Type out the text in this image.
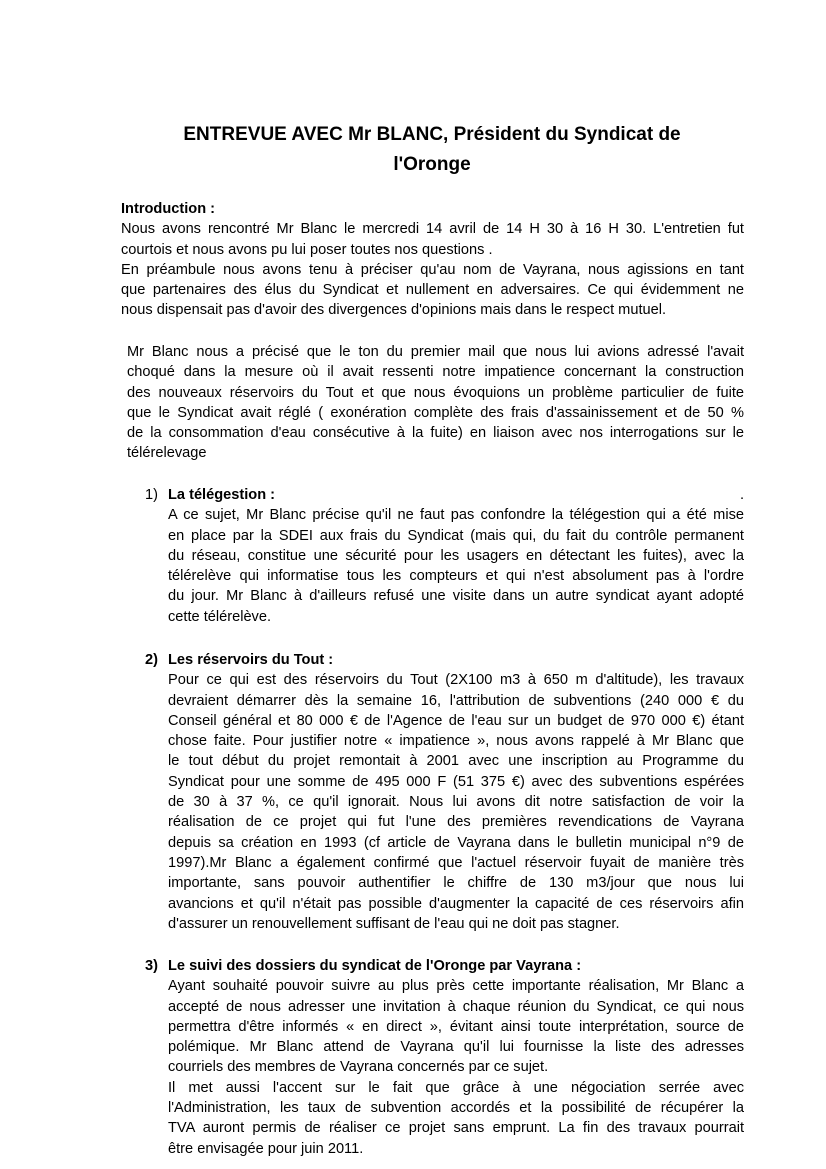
ENTREVUE AVEC Mr BLANC, Président du Syndicat de
l'Oronge
Introduction :
Nous avons rencontré Mr Blanc le mercredi 14 avril de 14 H 30 à 16 H 30. L'entretien fut
courtois et nous avons pu lui poser toutes nos questions .
En préambule nous avons tenu à préciser qu'au nom de Vayrana, nous agissions en tant
que partenaires des élus du Syndicat et nullement en adversaires. Ce qui évidemment ne
nous dispensait pas d'avoir des divergences d'opinions mais dans le respect mutuel.
Mr Blanc nous a précisé que le ton du premier mail que nous lui avions adressé l'avait
choqué dans la mesure où il avait ressenti notre impatience concernant la construction
des nouveaux réservoirs du Tout et que nous évoquions un problème particulier de fuite
que le Syndicat avait réglé ( exonération complète des frais d'assainissement et de 50 %
de la consommation d'eau consécutive à la fuite) en liaison avec nos interrogations sur le
télérelevage
1) La télégestion :	.
A ce sujet, Mr Blanc précise qu'il ne faut pas confondre la télégestion qui a été mise
en place par la SDEI aux frais du Syndicat (mais qui, du fait du contrôle permanent
du réseau, constitue une sécurité pour les usagers en détectant les fuites), avec la
télérelève qui informatise tous les compteurs et qui n'est absolument pas à l'ordre
du jour. Mr Blanc à d'ailleurs refusé une visite dans un autre syndicat ayant adopté
cette télérelève.
2) Les réservoirs du Tout :
Pour ce qui est des réservoirs du Tout (2X100 m3 à 650 m d'altitude), les travaux
devraient démarrer dès la semaine 16, l'attribution de subventions (240 000 € du
Conseil général et 80 000 € de l'Agence de l'eau sur un budget de 970 000 €) étant
chose faite. Pour justifier notre « impatience », nous avons rappelé à Mr Blanc que
le tout début du projet remontait à 2001 avec une inscription au Programme du
Syndicat pour une somme de 495 000 F (51 375 €) avec des subventions espérées
de 30 à 37 %, ce qu'il ignorait. Nous lui avons dit notre satisfaction de voir la
réalisation de ce projet qui fut l'une des premières revendications de Vayrana
depuis sa création en 1993 (cf article de Vayrana dans le bulletin municipal n°9 de
1997).Mr Blanc a également confirmé que l'actuel réservoir fuyait de manière très
importante, sans pouvoir authentifier le chiffre de 130 m3/jour que nous lui
avancions et qu'il n'était pas possible d'augmenter la capacité de ces réservoirs afin
d'assurer un renouvellement suffisant de l'eau qui ne doit pas stagner.
3) Le suivi des dossiers du syndicat de l'Oronge par Vayrana :
Ayant souhaité pouvoir suivre au plus près cette importante réalisation, Mr Blanc a
accepté de nous adresser une invitation à chaque réunion du Syndicat, ce qui nous
permettra d'être informés « en direct », évitant ainsi toute interprétation, source de
polémique. Mr Blanc attend de Vayrana qu'il lui fournisse la liste des adresses
courriels des membres de Vayrana concernés par ce sujet.
Il met aussi l'accent sur le fait que grâce à une négociation serrée avec
l'Administration, les taux de subvention accordés et la possibilité de récupérer la
TVA auront permis de réaliser ce projet sans emprunt. La fin des travaux pourrait
être envisagée pour juin 2011.
